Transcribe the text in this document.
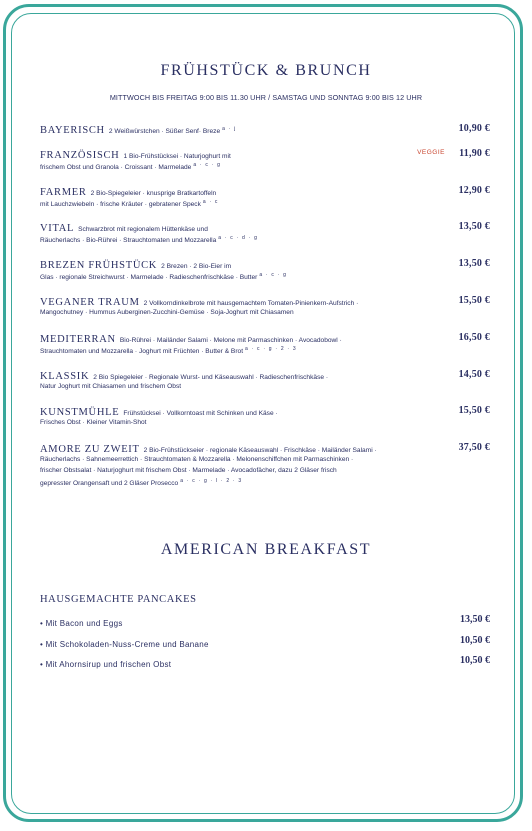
FRÜHSTÜCK & BRUNCH
MITTWOCH BIS FREITAG 9:00 BIS 11.30 UHR / SAMSTAG UND SONNTAG 9:00 BIS 12 UHR
BAYERISCH 2 Weißwürstchen · Süßer Senf· Breze $^{a \cdot j}$	10,90 €
FRANZÖSISCH 1 Bio-Frühstücksei · Naturjoghurt mit
frischem Obst und Granola · Croissant · Marmelade $^{a \cdot c \cdot g}$
VEGGIE 11,90 €
FARMER 2 Bio-Spiegeleier · knusprige Bratkartoffeln
mit Lauchzwiebeln · frische Kräuter · gebratener Speck $^{a \cdot c}$
12,90 €
VITAL Schwarzbrot mit regionalem Hüttenkäse und
Räucherlachs · Bio-Rührei · Strauchtomaten und Mozzarella $^{a \cdot c \cdot d \cdot g}$
13,50 €
BREZEN FRÜHSTÜCK 2 Brezen · 2 Bio-Eier im
Glas · regionale Streichwurst · Marmelade · Radieschenfrischkäse · Butter $^{a \cdot c \cdot g}$
13,50 €
VEGANER TRAUM 2 Vollkorndinkelbrote mit hausgemachtem Tomaten-Pinienkern-Aufstrich ·
Mangochutney · Hummus Auberginen-Zucchini-Gemüse · Soja-Joghurt mit Chiasamen
15,50 €
MEDITERRAN Bio-Rührei · Mailänder Salami · Melone mit Parmaschinken · Avocadobowl ·
Strauchtomaten und Mozzarella · Joghurt mit Früchten · Butter & Brot $^{a \cdot c \cdot g \cdot 2 \cdot 3}$
16,50 €
KLASSIK 2 Bio Spiegeleier · Regionale Wurst- und Käseauswahl · Radieschenfrischkäse ·
Natur Joghurt mit Chiasamen und frischem Obst
14,50 €
KUNSTMÜHLE Frühstücksei · Vollkorntoast mit Schinken und Käse ·
Frisches Obst · Kleiner Vitamin-Shot
15,50 €
AMORE ZU ZWEIT 2 Bio-Frühstückseier · regionale Käseauswahl · Frischkäse · Mailänder Salami ·
Räucherlachs · Sahnemeerrettich · Strauchtomaten & Mozzarella · Melonenschiffchen mit Parmaschinken ·
frischer Obstsalat · Naturjoghurt mit frischem Obst · Marmelade · Avocadofächer, dazu 2 Gläser frisch
gepresster Orangensaft und 2 Gläser Prosecco $^{a \cdot c \cdot g \cdot l \cdot 2 \cdot 3}$
37,50 €
AMERICAN BREAKFAST
HAUSGEMACHTE PANCAKES
• Mit Bacon und Eggs	13,50 €
• Mit Schokoladen-Nuss-Creme und Banane	10,50 €
• Mit Ahornsirup und frischen Obst	10,50 €
